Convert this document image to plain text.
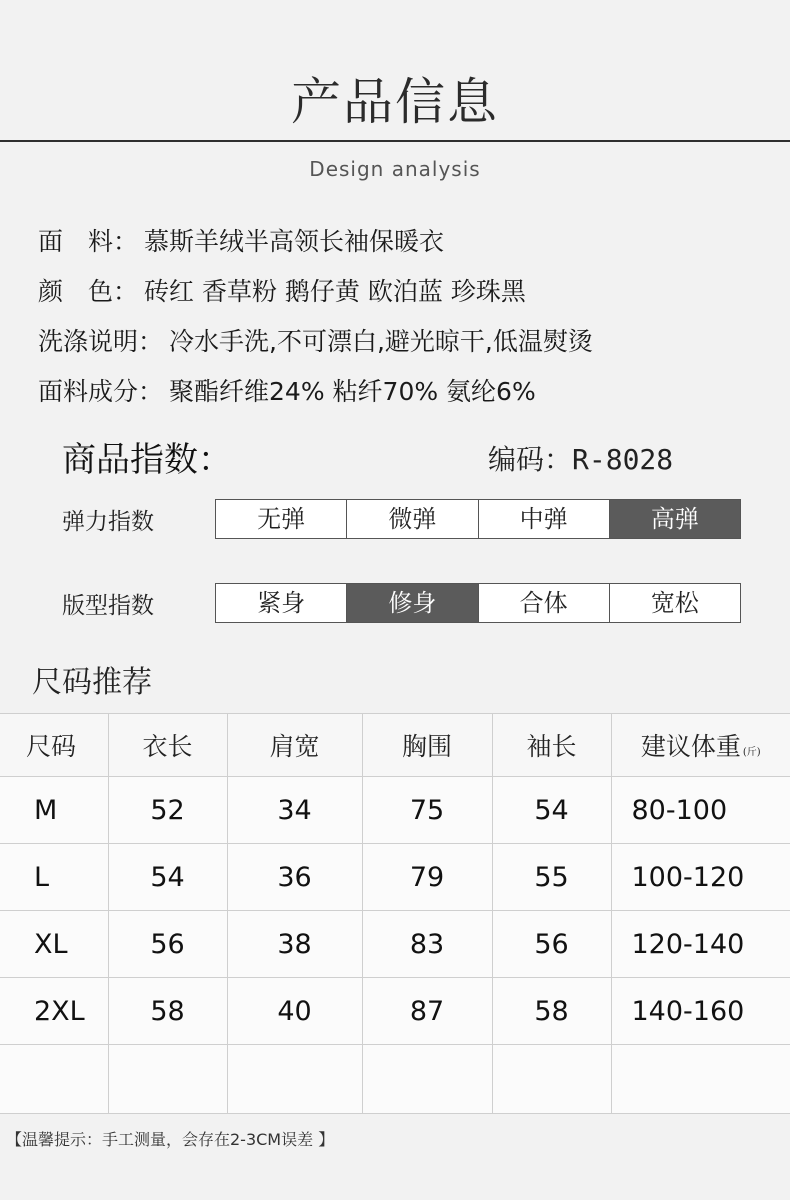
产品信息
Design analysis
面　料： 慕斯羊绒半高领长袖保暖衣
颜　色： 砖红 香草粉 鹅仔黄 欧泊蓝 珍珠黑
洗涤说明： 冷水手洗,不可漂白,避光晾干,低温熨烫
面料成分： 聚酯纤维24% 粘纤70% 氨纶6%
商品指数：	编码：R-8028
弹力指数	无弹	微弹	中弹	高弹
版型指数	紧身	修身	合体	宽松
尺码推荐
尺码	衣长	肩宽	胸围	袖长	建议体重 (斤)
M	52	34	75	54	80-100
L	54	36	79	55	100-120
XL	56	38	83	56	120-140
2XL	58	40	87	58	140-160

【温馨提示：手工测量，会存在2-3CM误差 】
